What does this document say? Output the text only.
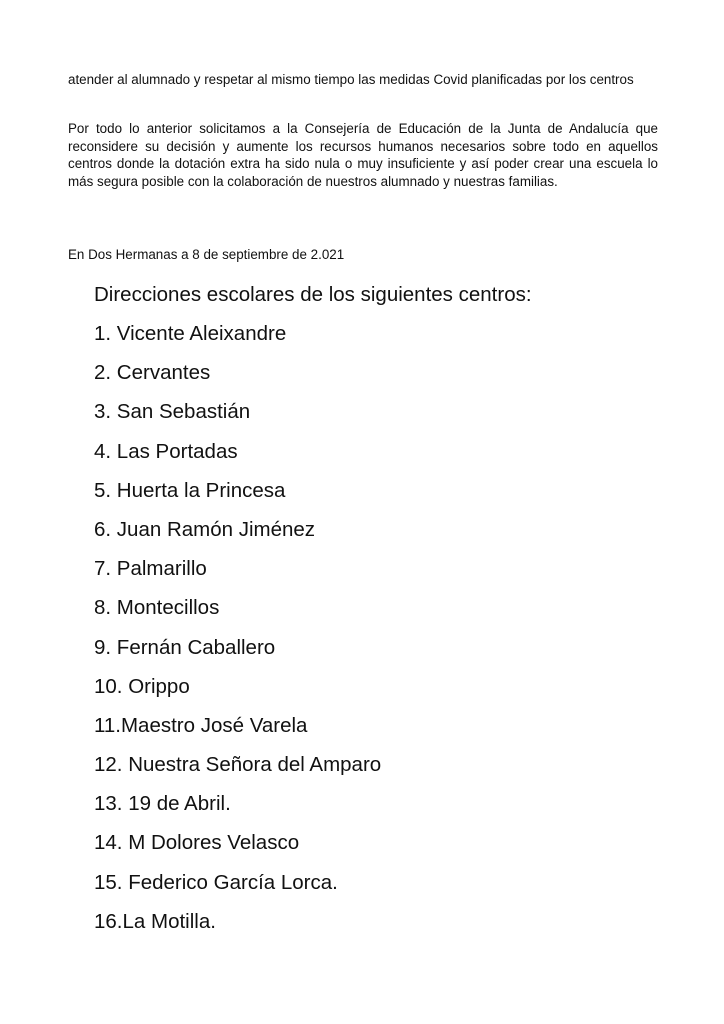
atender al alumnado y respetar al mismo tiempo las medidas Covid planificadas por los centros

Por todo lo anterior solicitamos a la Consejería de Educación de la Junta de Andalucía que reconsidere su decisión y aumente los recursos humanos necesarios sobre todo en aquellos centros donde la dotación extra ha sido nula o muy insuficiente y así poder crear una escuela lo más segura posible con la colaboración de nuestros alumnado y nuestras familias.

En Dos Hermanas a 8 de septiembre de 2.021

Direcciones escolares de los siguientes centros:

1. Vicente Aleixandre
2. Cervantes
3. San Sebastián
4. Las Portadas
5. Huerta la Princesa
6. Juan Ramón Jiménez
7. Palmarillo
8. Montecillos
9. Fernán Caballero
10. Orippo
11.Maestro José Varela
12. Nuestra Señora del Amparo
13. 19 de Abril.
14. M Dolores Velasco
15. Federico García Lorca.
16.La Motilla.
